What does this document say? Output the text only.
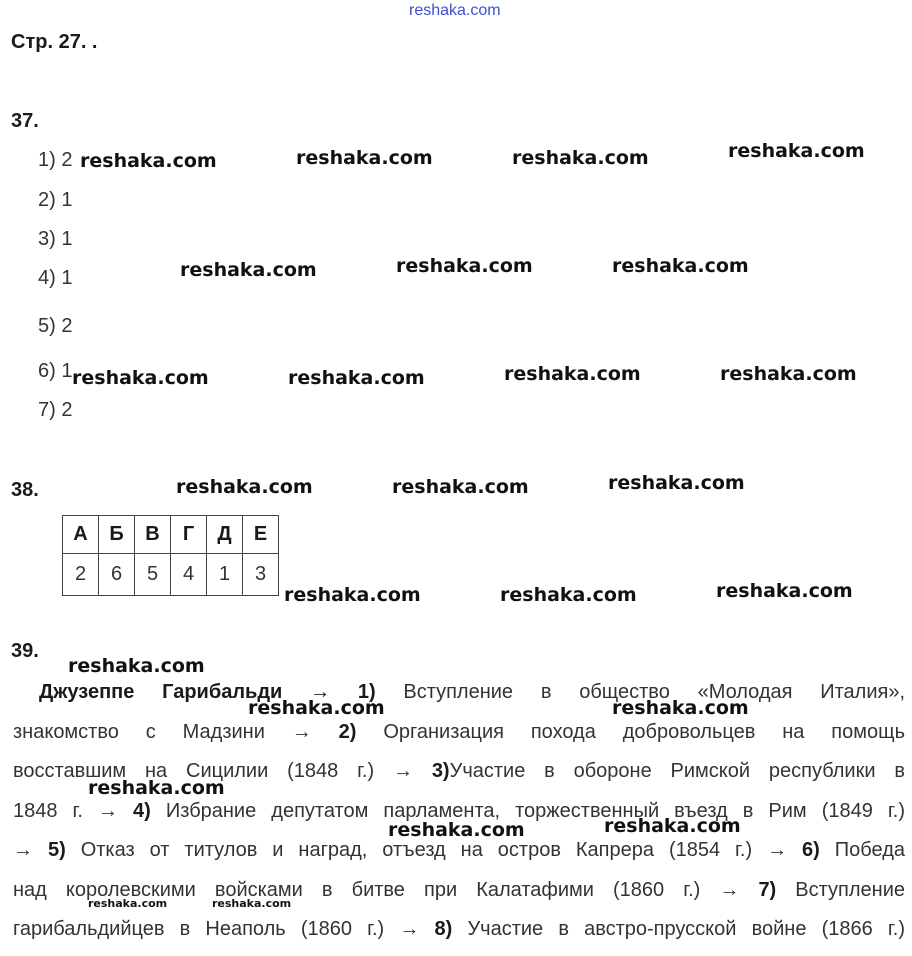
reshaka.com
Стр. 27. .
37.
1) 2
2) 1
3) 1
4) 1
5) 2
6) 1
7) 2
38.
А	Б	В	Г	Д	Е
2	6	5	4	1	3
39.
Джузеппе Гарибальди → 1) Вступление в общество «Молодая Италия»,
знакомство с Мадзини → 2) Организация похода добровольцев на помощь
восставшим на Сицилии (1848 г.) → 3)Участие в обороне Римской республики в
1848 г. → 4) Избрание депутатом парламента, торжественный въезд в Рим (1849 г.)
→ 5) Отказ от титулов и наград, отъезд на остров Капрера (1854 г.) → 6) Победа
над королевскими войсками в битве при Калатафими (1860 г.) → 7) Вступление
гарибальдийцев в Неаполь (1860 г.) → 8) Участие в австро-прусской войне (1866 г.)
reshaka.com	reshaka.com	reshaka.com	reshaka.com
reshaka.com	reshaka.com	reshaka.com
reshaka.com	reshaka.com	reshaka.com	reshaka.com
reshaka.com	reshaka.com	reshaka.com
reshaka.com	reshaka.com	reshaka.com
reshaka.com
reshaka.com	reshaka.com
reshaka.com
reshaka.com	reshaka.com
reshaka.com	reshaka.com
